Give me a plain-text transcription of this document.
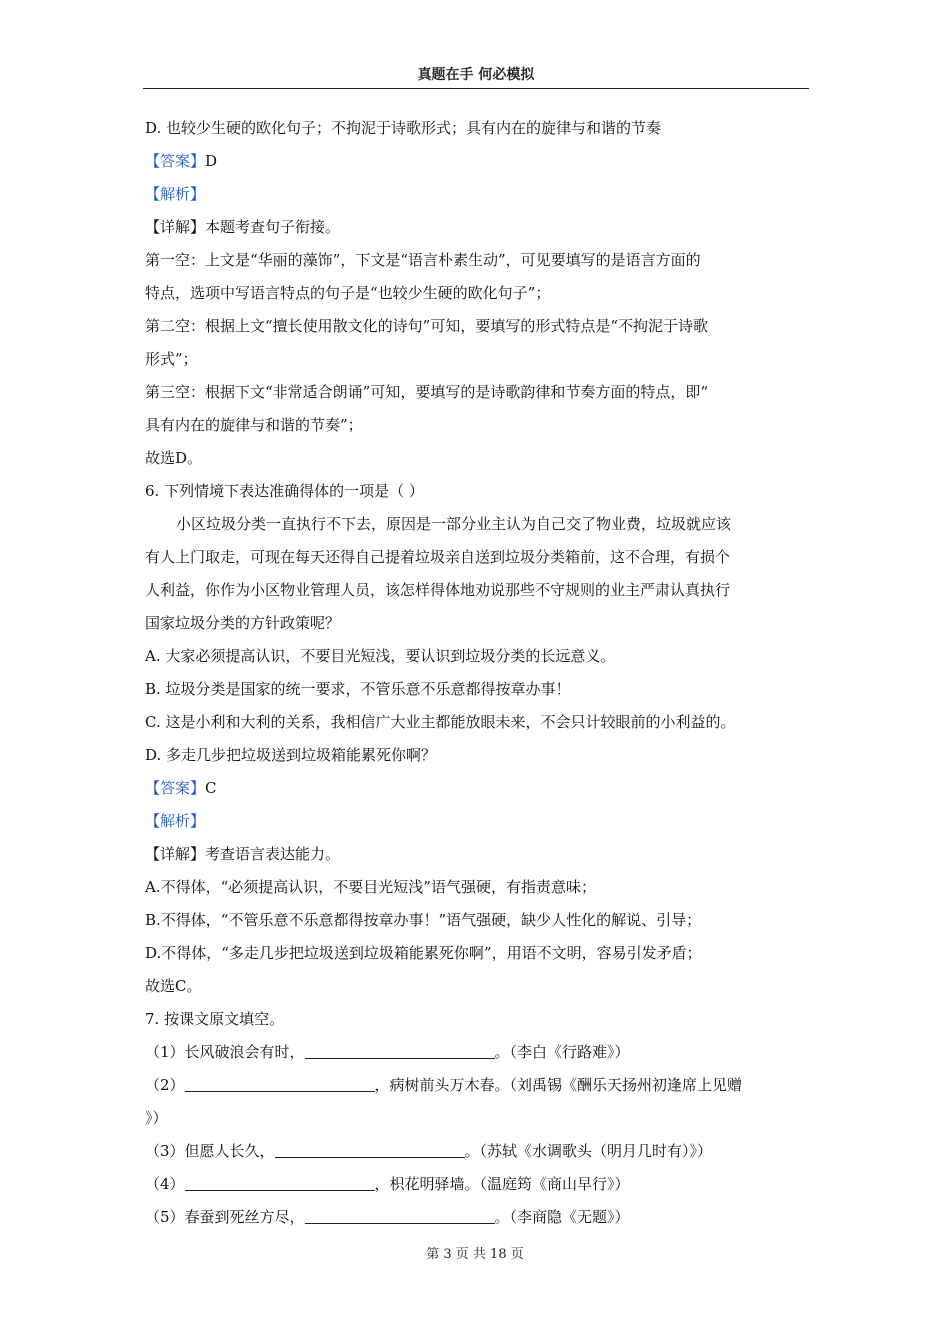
真题在手 何必模拟
D. 也较少生硬的欧化句子；不拘泥于诗歌形式；具有内在的旋律与和谐的节奏
【答案】D
【解析】
【详解】本题考查句子衔接。
第一空：上文是“华丽的藻饰”，下文是“语言朴素生动”，可见要填写的是语言方面的
特点，选项中写语言特点的句子是“也较少生硬的欧化句子”；
第二空：根据上文“擅长使用散文化的诗句”可知，要填写的形式特点是“不拘泥于诗歌
形式”；
第三空：根据下文“非常适合朗诵”可知，要填写的是诗歌韵律和节奏方面的特点，即“
具有内在的旋律与和谐的节奏”；
故选D。
6. 下列情境下表达准确得体的一项是（ ）
小区垃圾分类一直执行不下去，原因是一部分业主认为自己交了物业费，垃圾就应该
有人上门取走，可现在每天还得自己提着垃圾亲自送到垃圾分类箱前，这不合理，有损个
人利益，你作为小区物业管理人员，该怎样得体地劝说那些不守规则的业主严肃认真执行
国家垃圾分类的方针政策呢？
A. 大家必须提高认识，不要目光短浅，要认识到垃圾分类的长远意义。
B. 垃圾分类是国家的统一要求，不管乐意不乐意都得按章办事！
C. 这是小利和大利的关系，我相信广大业主都能放眼未来，不会只计较眼前的小利益的。
D. 多走几步把垃圾送到垃圾箱能累死你啊？
【答案】C
【解析】
【详解】考查语言表达能力。
A.不得体，“必须提高认识，不要目光短浅”语气强硬，有指责意味；
B.不得体，“不管乐意不乐意都得按章办事！”语气强硬，缺少人性化的解说、引导；
D.不得体，“多走几步把垃圾送到垃圾箱能累死你啊”，用语不文明，容易引发矛盾；
故选C。
7. 按课文原文填空。
（1）长风破浪会有时，	。（李白《行路难》）
（2）	，病树前头万木春。（刘禹锡《酬乐天扬州初逢席上见赠
》）
（3）但愿人长久，	。（苏轼《水调歌头（明月几时有）》）
（4）	，枳花明驿墙。（温庭筠《商山早行》）
（5）春蚕到死丝方尽，	。（李商隐《无题》）
第 3 页 共 18 页
